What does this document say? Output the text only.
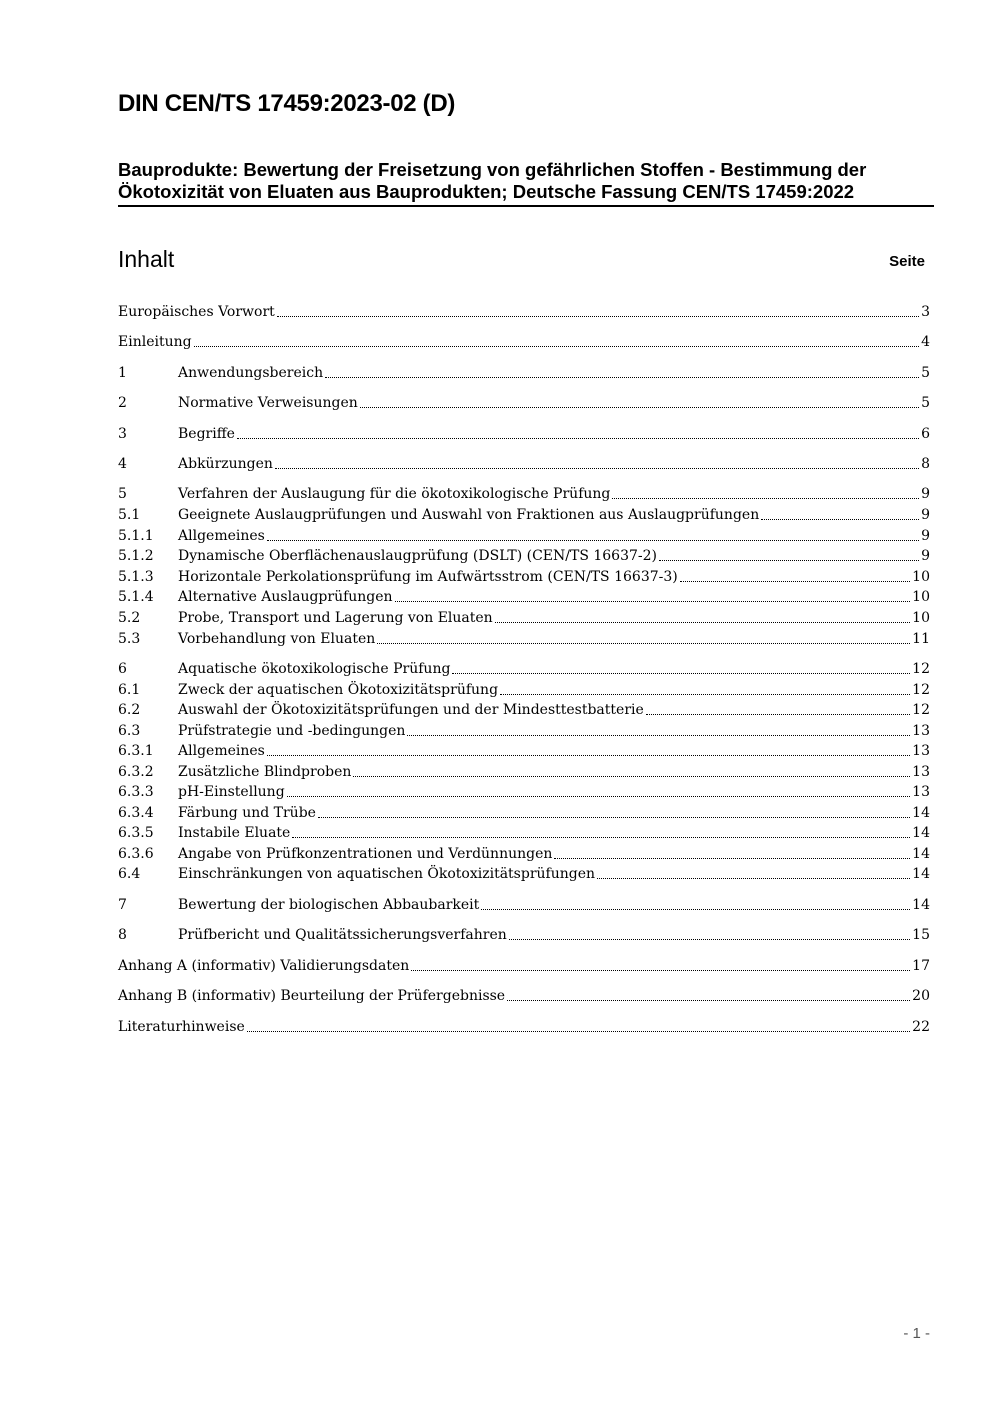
DIN CEN/TS 17459:2023-02 (D)
Bauprodukte: Bewertung der Freisetzung von gefährlichen Stoffen - Bestimmung der
Ökotoxizität von Eluaten aus Bauprodukten; Deutsche Fassung CEN/TS 17459:2022
Inhalt	Seite
Europäisches Vorwort	3
Einleitung	4
1	Anwendungsbereich	5
2	Normative Verweisungen	5
3	Begriffe	6
4	Abkürzungen	8
5	Verfahren der Auslaugung für die ökotoxikologische Prüfung	9
5.1	Geeignete Auslaugprüfungen und Auswahl von Fraktionen aus Auslaugprüfungen	9
5.1.1 Allgemeines	9
5.1.2 Dynamische Oberflächenauslaugprüfung (DSLT) (CEN/TS 16637-2)	9
5.1.3 Horizontale Perkolationsprüfung im Aufwärtsstrom (CEN/TS 16637-3)	10
5.1.4 Alternative Auslaugprüfungen	10
5.2	Probe, Transport und Lagerung von Eluaten	10
5.3	Vorbehandlung von Eluaten	11
6	Aquatische ökotoxikologische Prüfung	12
6.1	Zweck der aquatischen Ökotoxizitätsprüfung	12
6.2	Auswahl der Ökotoxizitätsprüfungen und der Mindesttestbatterie	12
6.3	Prüfstrategie und -bedingungen	13
6.3.1 Allgemeines	13
6.3.2 Zusätzliche Blindproben	13
6.3.3 pH-Einstellung	13
6.3.4 Färbung und Trübe	14
6.3.5 Instabile Eluate	14
6.3.6 Angabe von Prüfkonzentrationen und Verdünnungen	14
6.4	Einschränkungen von aquatischen Ökotoxizitätsprüfungen	14
7	Bewertung der biologischen Abbaubarkeit	14
8	Prüfbericht und Qualitätssicherungsverfahren	15
Anhang A (informativ) Validierungsdaten	17
Anhang B (informativ) Beurteilung der Prüfergebnisse	20
Literaturhinweise	22
- 1 -
